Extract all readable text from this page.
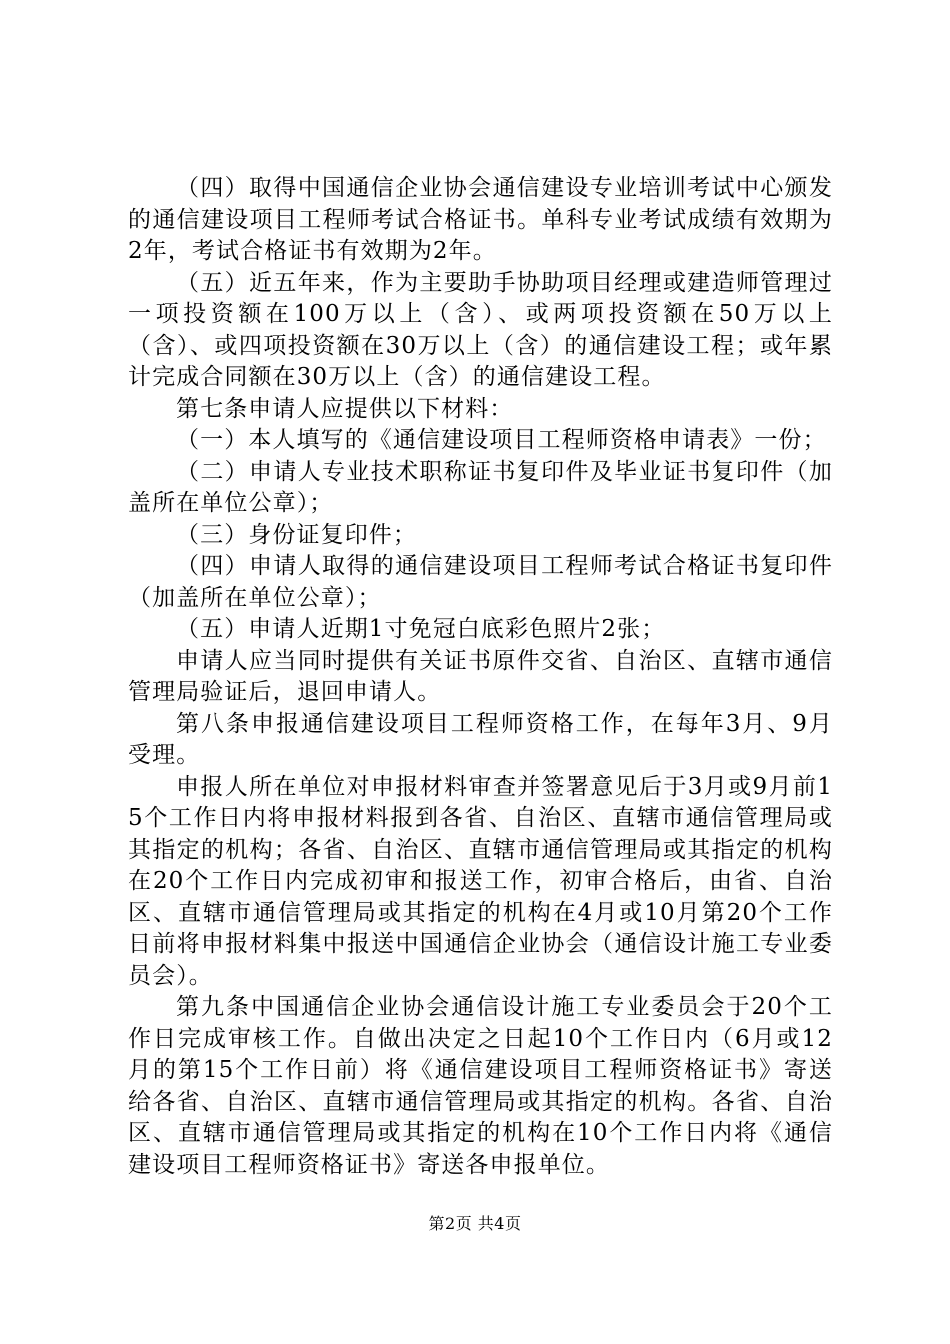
（四）取得中国通信企业协会通信建设专业培训考试中心颁发的通信建设项目工程师考试合格证书。单科专业考试成绩有效期为2年，考试合格证书有效期为2年。

（五）近五年来，作为主要助手协助项目经理或建造师管理过一项投资额在100万以上（含）、或两项投资额在50万以上（含）、或四项投资额在30万以上（含）的通信建设工程；或年累计完成合同额在30万以上（含）的通信建设工程。

第七条申请人应提供以下材料：

（一）本人填写的《通信建设项目工程师资格申请表》一份；

（二）申请人专业技术职称证书复印件及毕业证书复印件（加盖所在单位公章）；

（三）身份证复印件；

（四）申请人取得的通信建设项目工程师考试合格证书复印件（加盖所在单位公章）；

（五）申请人近期1寸免冠白底彩色照片2张；

申请人应当同时提供有关证书原件交省、自治区、直辖市通信管理局验证后，退回申请人。

第八条申报通信建设项目工程师资格工作，在每年3月、9月受理。

申报人所在单位对申报材料审查并签署意见后于3月或9月前15个工作日内将申报材料报到各省、自治区、直辖市通信管理局或其指定的机构；各省、自治区、直辖市通信管理局或其指定的机构在20个工作日内完成初审和报送工作，初审合格后，由省、自治区、直辖市通信管理局或其指定的机构在4月或10月第20个工作日前将申报材料集中报送中国通信企业协会（通信设计施工专业委员会）。

第九条中国通信企业协会通信设计施工专业委员会于20个工作日完成审核工作。自做出决定之日起10个工作日内（6月或12月的第15个工作日前）将《通信建设项目工程师资格证书》寄送给各省、自治区、直辖市通信管理局或其指定的机构。各省、自治区、直辖市通信管理局或其指定的机构在10个工作日内将《通信建设项目工程师资格证书》寄送各申报单位。

第2页 共4页
